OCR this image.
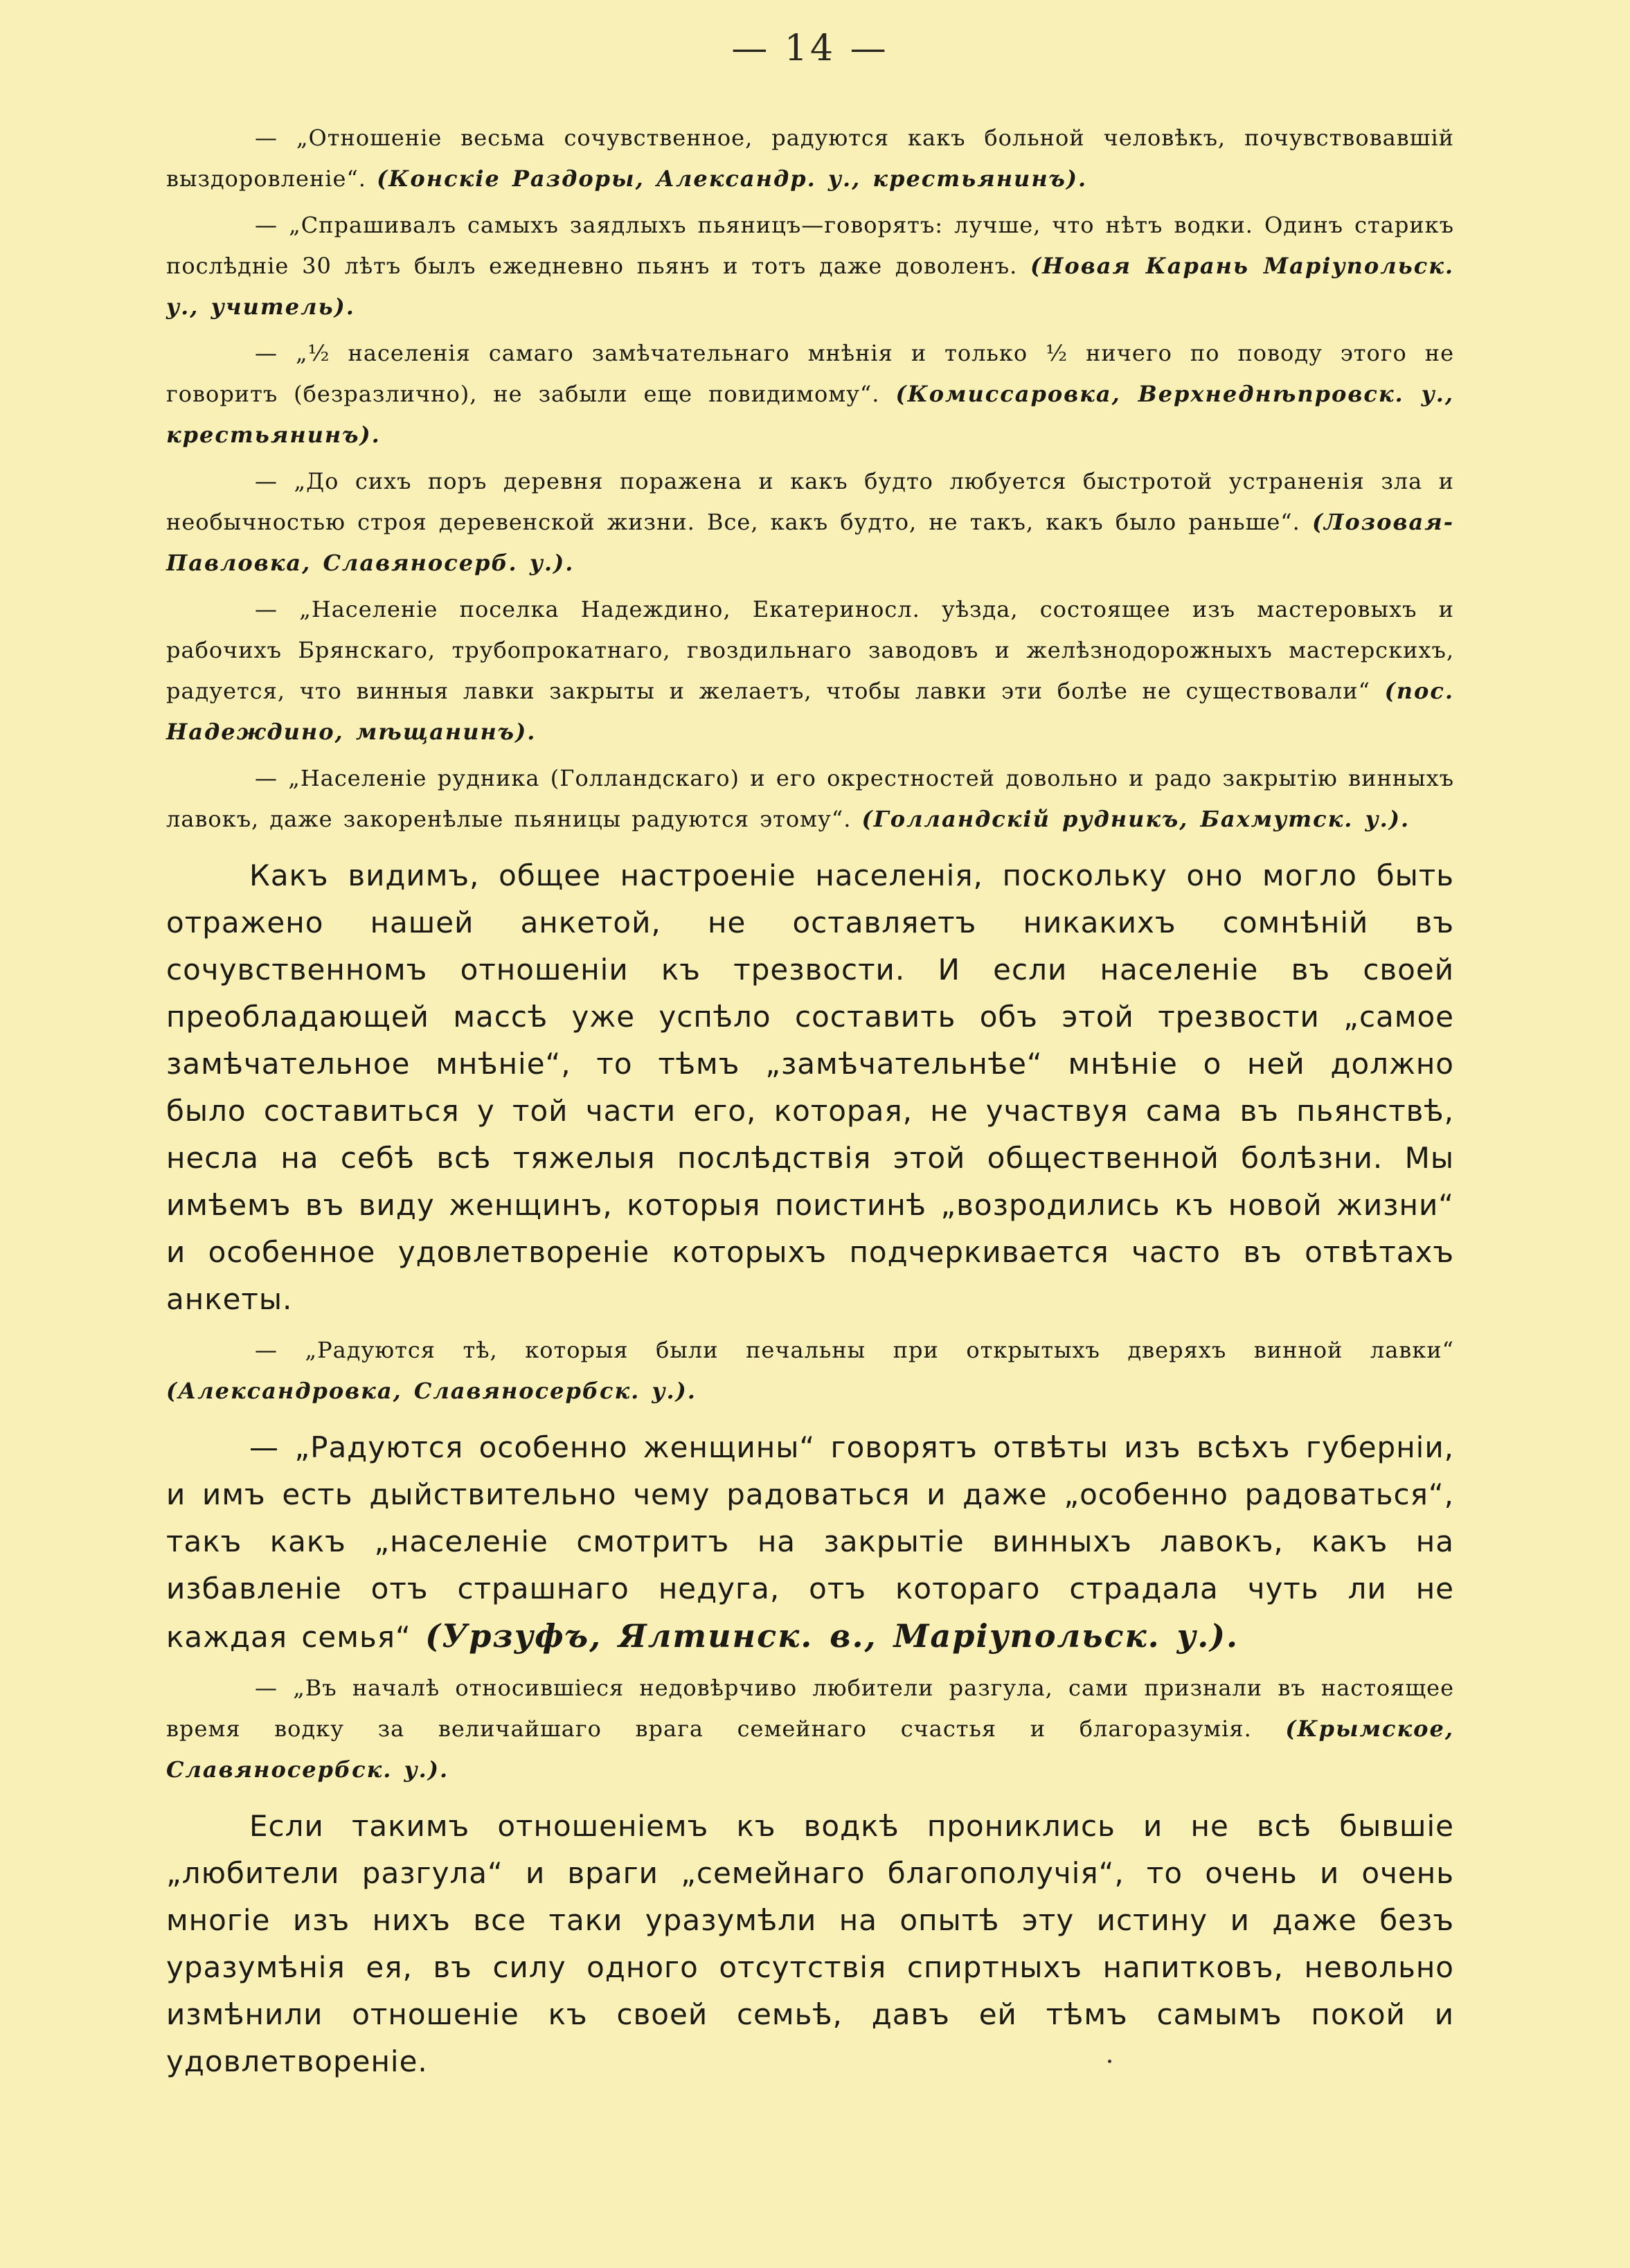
— 14 —

— „Отношеніе весьма сочувственное, радуются какъ больной человѣкъ, почувствовавшій выздоровленіе“. (Конскіе Раздоры, Александр. у., крестьянинъ).

— „Спрашивалъ самыхъ заядлыхъ пьяницъ—говорятъ: лучше, что нѣтъ водки. Одинъ старикъ послѣдніе 30 лѣтъ былъ ежедневно пьянъ и тотъ даже доволенъ. (Новая Карань Маріупольск. у., учитель).

— „½ населенія самаго замѣчательнаго мнѣнія и только ½ ничего по поводу этого не говоритъ (безразлично), не забыли еще повидимому“. (Комиссаровка, Верхнеднѣпровск. у., крестьянинъ).

— „До сихъ поръ деревня поражена и какъ будто любуется быстротой устраненія зла и необычностью строя деревенской жизни. Все, какъ будто, не такъ, какъ было раньше“. (Лозовая-Павловка, Славяносерб. у.).

— „Населеніе поселка Надеждино, Екатериносл. уѣзда, состоящее изъ мастеровыхъ и рабочихъ Брянскаго, трубопрокатнаго, гвоздильнаго заводовъ и желѣзнодорожныхъ мастерскихъ, радуется, что винныя лавки закрыты и желаетъ, чтобы лавки эти болѣе не существовали“ (пос. Надеждино, мѣщанинъ).

— „Населеніе рудника (Голландскаго) и его окрестностей довольно и радо закрытію винныхъ лавокъ, даже закоренѣлые пьяницы радуются этому“. (Голландскій рудникъ, Бахмутск. у.).

Какъ видимъ, общее настроеніе населенія, поскольку оно могло быть отражено нашей анкетой, не оставляетъ никакихъ сомнѣній въ сочувственномъ отношеніи къ трезвости. И если населеніе въ своей преобладающей массѣ уже успѣло составить объ этой трезвости „самое замѣчательное мнѣніе“, то тѣмъ „замѣчательнѣе“ мнѣніе о ней должно было составиться у той части его, которая, не участвуя сама въ пьянствѣ, несла на себѣ всѣ тяжелыя послѣдствія этой общественной болѣзни. Мы имѣемъ въ виду женщинъ, которыя поистинѣ „возродились къ новой жизни“ и особенное удовлетвореніе которыхъ подчеркивается часто въ отвѣтахъ анкеты.

— „Радуются тѣ, которыя были печальны при открытыхъ дверяхъ винной лавки“ (Александровка, Славяносербск. у.).

— „Радуются особенно женщины“ говорятъ отвѣты изъ всѣхъ губерніи, и имъ есть дыйствительно чему радоваться и даже „особенно радоваться“, такъ какъ „населеніе смотритъ на закрытіе винныхъ лавокъ, какъ на избавленіе отъ страшнаго недуга, отъ котораго страдала чуть ли не каждая семья“ (Урзуфъ, Ялтинск. в., Маріупольск. у.).

— „Въ началѣ относившiеся недовѣрчиво любители разгула, сами признали въ настоящее время водку за величайшаго врага семейнаго счастья и благоразумія. (Крымское, Славяносербск. у.).

Если такимъ отношеніемъ къ водкѣ прониклись и не всѣ бывшіе „любители разгула“ и враги „семейнаго благополучія“, то очень и очень многіе изъ нихъ все таки уразумѣли на опытѣ эту истину и даже безъ уразумѣнія ея, въ силу одного отсутствія спиртныхъ напитковъ, невольно измѣнили отношеніе къ своей семьѣ, давъ ей тѣмъ самымъ покой и удовлетвореніе.
